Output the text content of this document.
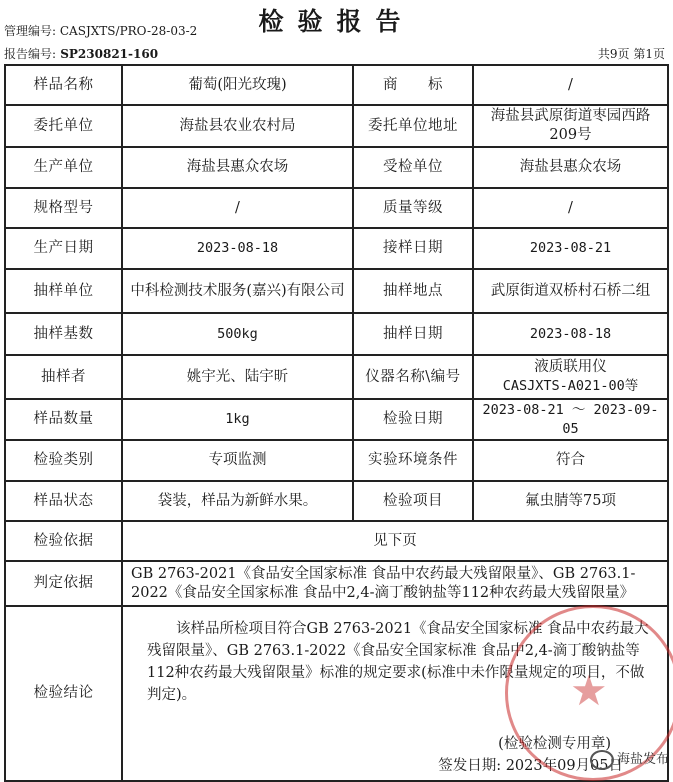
管理编号: CASJXTS/PRO-28-03-2	检验报告
报告编号: SP230821-160	共9页 第1页
样品名称	葡萄(阳光玫瑰)	商　　标	/
委托单位	海盐县农业农村局	委托单位地址	海盐县武原街道枣园西路209号
生产单位	海盐县惠众农场	受检单位	海盐县惠众农场
规格型号	/	质量等级	/
生产日期	2023-08-18	接样日期	2023-08-21
抽样单位	中科检测技术服务(嘉兴)有限公司	抽样地点	武原街道双桥村石桥二组
抽样基数	500kg	抽样日期	2023-08-18
抽样者	姚宇光、陆宇昕	仪器名称\编号	液质联用仪
CASJXTS-A021-00等

样品数量	1kg	检验日期	2023-08-21 ～ 2023-09-05
检验类别	专项监测	实验环境条件	符合
样品状态	袋装，样品为新鲜水果。	检验项目	氟虫腈等75项
检验依据	见下页		
判定依据	GB 2763-2021《食品安全国家标准 食品中农药最大残留限量》、GB 2763.1-2022《食品安全国家标准 食品中2,4-滴丁酸钠盐等112种农药最大残留限量》		
检验结论	该样品所检项目符合GB 2763-2021《食品安全国家标准 食品中农药最大残留限量》、GB 2763.1-2022《食品安全国家标准 食品中2,4-滴丁酸钠盐等112种农药最大残留限量》标准的规定要求(标准中未作限量规定的项目，不做判定)。
(检验检测专用章)
签发日期: 2023年09月05日		
★
海盐发布
